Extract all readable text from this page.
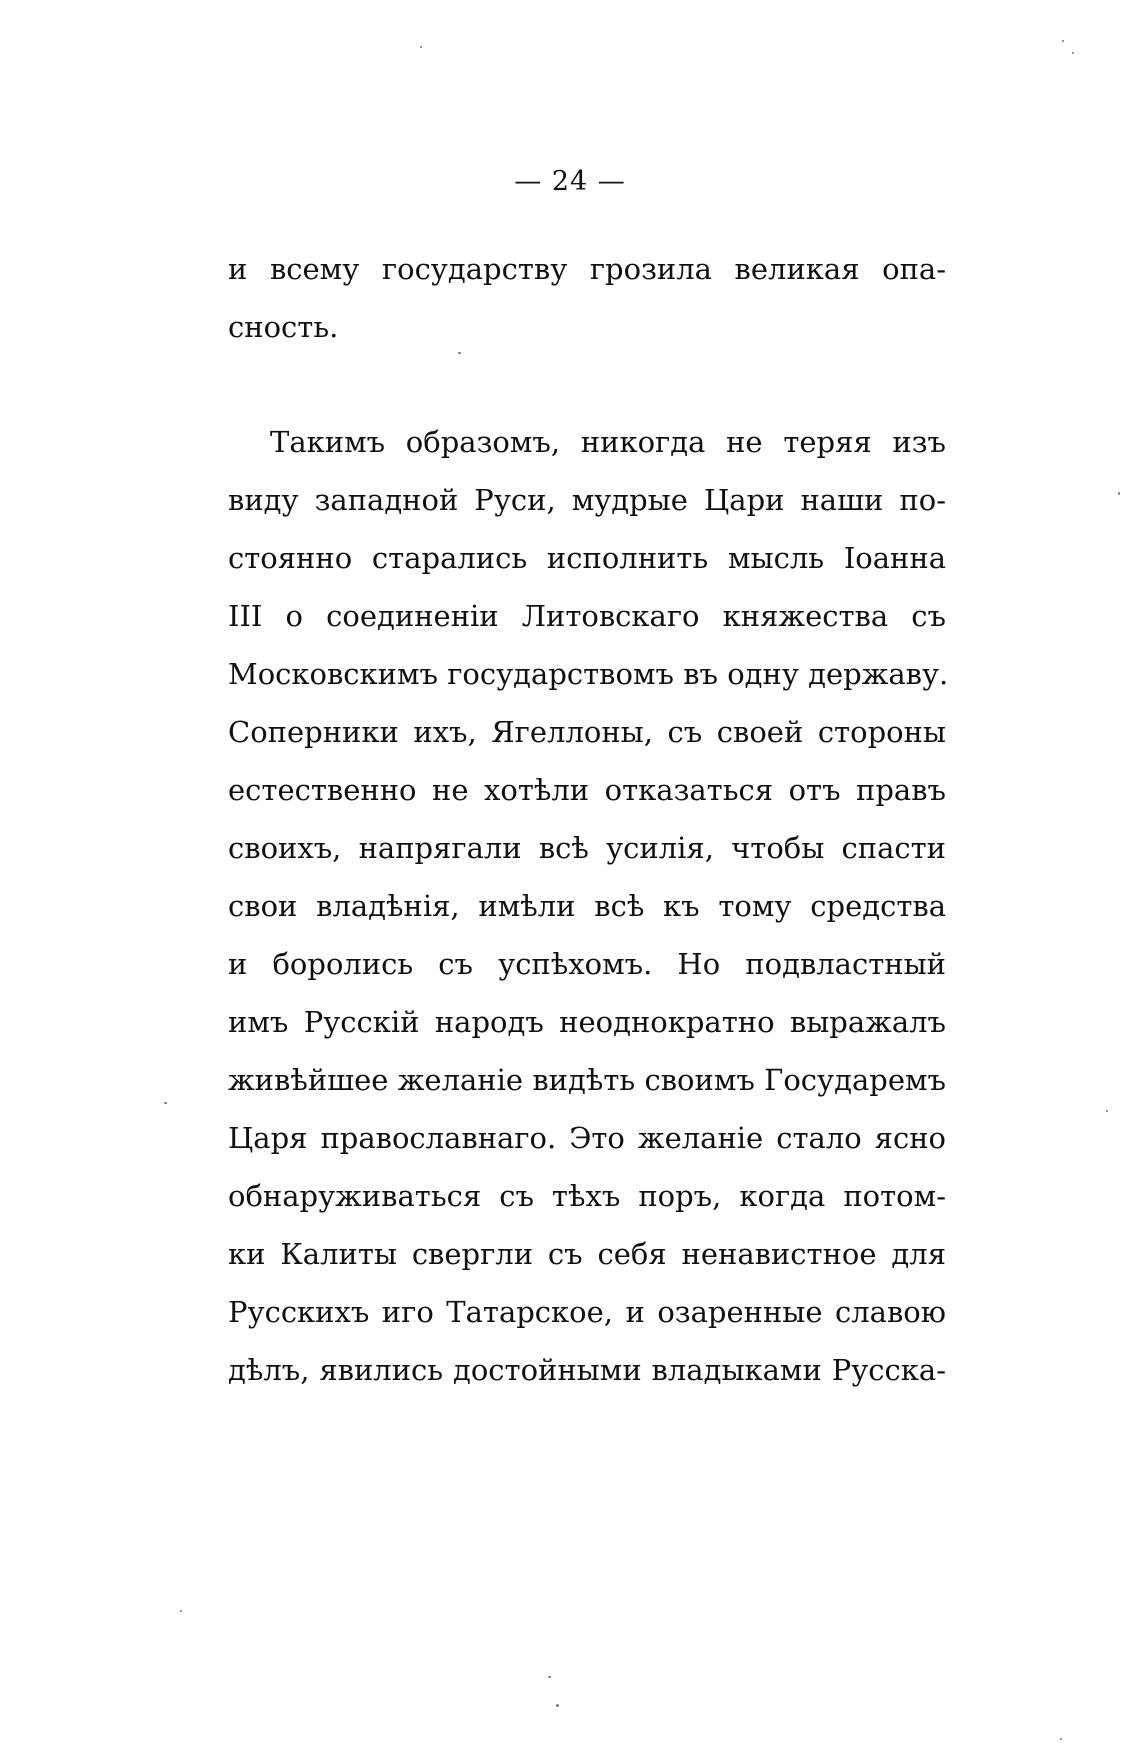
— 24 —
и всему государству грозила великая опа-
сность.
Такимъ образомъ, никогда не теряя изъ
виду западной Руси, мудрые Цари наши по-
стоянно старались исполнить мысль Іоанна
III о соединеніи Литовскаго княжества съ
Московскимъ государствомъ въ одну державу.
Соперники ихъ, Ягеллоны, съ своей стороны
естественно не хотѣли отказаться отъ правъ
своихъ, напрягали всѣ усилія, чтобы спасти
свои владѣнія, имѣли всѣ къ тому средства
и боролись съ успѣхомъ. Но подвластный
имъ Русскій народъ неоднократно выражалъ
живѣйшее желаніе видѣть своимъ Государемъ
Царя православнаго. Это желаніе стало ясно
обнаруживаться съ тѣхъ поръ, когда потом-
ки Калиты свергли съ себя ненавистное для
Русскихъ иго Татарское, и озаренные славою
дѣлъ, явились достойными владыками Русска-
